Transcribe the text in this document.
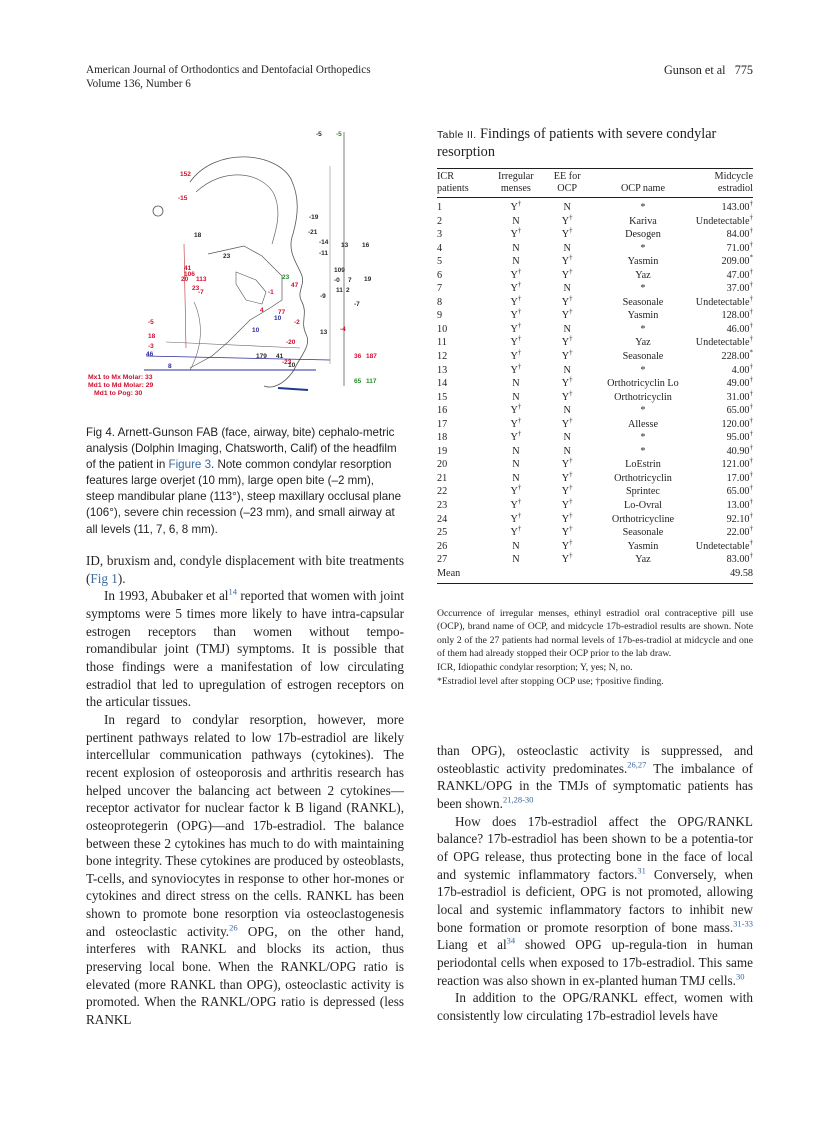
American Journal of Orthodontics and Dentofacial Orthopedics
Volume 136, Number 6
Gunson et al 775
152
-15
41
106
20 113
-7
47
-1
77
-2
-5
18
-3
-20
36 187
-23
4
-4
23
-19
-21
-14 13 16
-11
18
23
109
-0 7 19
2
11
-9
-7
13
179 41
10
-5 -5
23
65 117
46
8
10
10
Mx1 to Mx Molar: 33
Md1 to Md Molar: 29
Md1 to Pog: 30
Fig 4. Arnett-Gunson FAB (face, airway, bite) cephalo-metric analysis (Dolphin Imaging, Chatsworth, Calif) of the headfilm of the patient in Figure 3. Note common condylar resorption features large overjet (10 mm), large open bite (–2 mm), steep mandibular plane (113°), steep maxillary occlusal plane (106°), severe chin recession (–23 mm), and small airway at all levels (11, 7, 6, 8 mm).

ID, bruxism and, condyle displacement with bite treatments (Fig 1).

In 1993, Abubaker et al$^{14}$ reported that women with joint symptoms were 5 times more likely to have intra-capsular estrogen receptors than women without tempo-romandibular joint (TMJ) symptoms. It is possible that those findings were a manifestation of low circulating estradiol that led to upregulation of estrogen receptors on the articular tissues.

In regard to condylar resorption, however, more pertinent pathways related to low 17b-estradiol are likely intercellular communication pathways (cytokines). The recent explosion of osteoporosis and arthritis research has helped uncover the balancing act between 2 cytokines—receptor activator for nuclear factor k B ligand (RANKL), osteoprotegerin (OPG)—and 17b-estradiol. The balance between these 2 cytokines has much to do with maintaining bone integrity. These cytokines are produced by osteoblasts, T-cells, and synoviocytes in response to other hor-mones or cytokines and direct stress on the cells. RANKL has been shown to promote bone resorption via osteoclastogenesis and osteoclastic activity.$^{26}$ OPG, on the other hand, interferes with RANKL and blocks its action, thus preserving local bone. When the RANKL/OPG ratio is elevated (more RANKL than OPG), osteoclastic activity is promoted. When the RANKL/OPG ratio is depressed (less RANKL

Table II. Findings of patients with severe condylar resorption
ICR patients	Irregular menses	EE for OCP	OCP name	Midcycle estradiol
1	Y†	N	*	143.00†
2	N	Y†	Kariva	Undetectable†
3	Y†	Y†	Desogen	84.00†
4	N	N	*	71.00†
5	N	Y†	Yasmin	209.00*
6	Y†	Y†	Yaz	47.00†
7	Y†	N	*	37.00†
8	Y†	Y†	Seasonale	Undetectable†
9	Y†	Y†	Yasmin	128.00†
10	Y†	N	*	46.00†
11	Y†	Y†	Yaz	Undetectable†
12	Y†	Y†	Seasonale	228.00*
13	Y†	N	*	4.00†
14	N	Y†	Orthotricyclin Lo	49.00†
15	N	Y†	Orthotricyclin	31.00†
16	Y†	N	*	65.00†
17	Y†	Y†	Allesse	120.00†
18	Y†	N	*	95.00†
19	N	N	*	40.90†
20	N	Y†	LoEstrin	121.00†
21	N	Y†	Orthotricyclin	17.00†
22	Y†	Y†	Sprintec	65.00†
23	Y†	Y†	Lo-Ovral	13.00†
24	Y†	Y†	Orthotricycline	92.10†
25	Y†	Y†	Seasonale	22.00†
26	N	Y†	Yasmin	Undetectable†
27	N	Y†	Yaz	83.00†
Mean				49.58

Occurrence of irregular menses, ethinyl estradiol oral contraceptive pill use (OCP), brand name of OCP, and midcycle 17b-estradiol results are shown. Note only 2 of the 27 patients had normal levels of 17b-es-tradiol at midcycle and one of them had already stopped their OCP prior to the lab draw.

ICR, Idiopathic condylar resorption; Y, yes; N, no.

*Estradiol level after stopping OCP use; †positive finding.

than OPG), osteoclastic activity is suppressed, and osteoblastic activity predominates.$^{26,27}$ The imbalance of RANKL/OPG in the TMJs of symptomatic patients has been shown.$^{21,28-30}$

How does 17b-estradiol affect the OPG/RANKL balance? 17b-estradiol has been shown to be a potentia-tor of OPG release, thus protecting bone in the face of local and systemic inflammatory factors.$^{31}$ Conversely, when 17b-estradiol is deficient, OPG is not promoted, allowing local and systemic inflammatory factors to inhibit new bone formation or promote resorption of bone mass.$^{31-33}$ Liang et al$^{34}$ showed OPG up-regula-tion in human periodontal cells when exposed to 17b-estradiol. This same reaction was also shown in ex-planted human TMJ cells.$^{30}$

In addition to the OPG/RANKL effect, women with consistently low circulating 17b-estradiol levels have
